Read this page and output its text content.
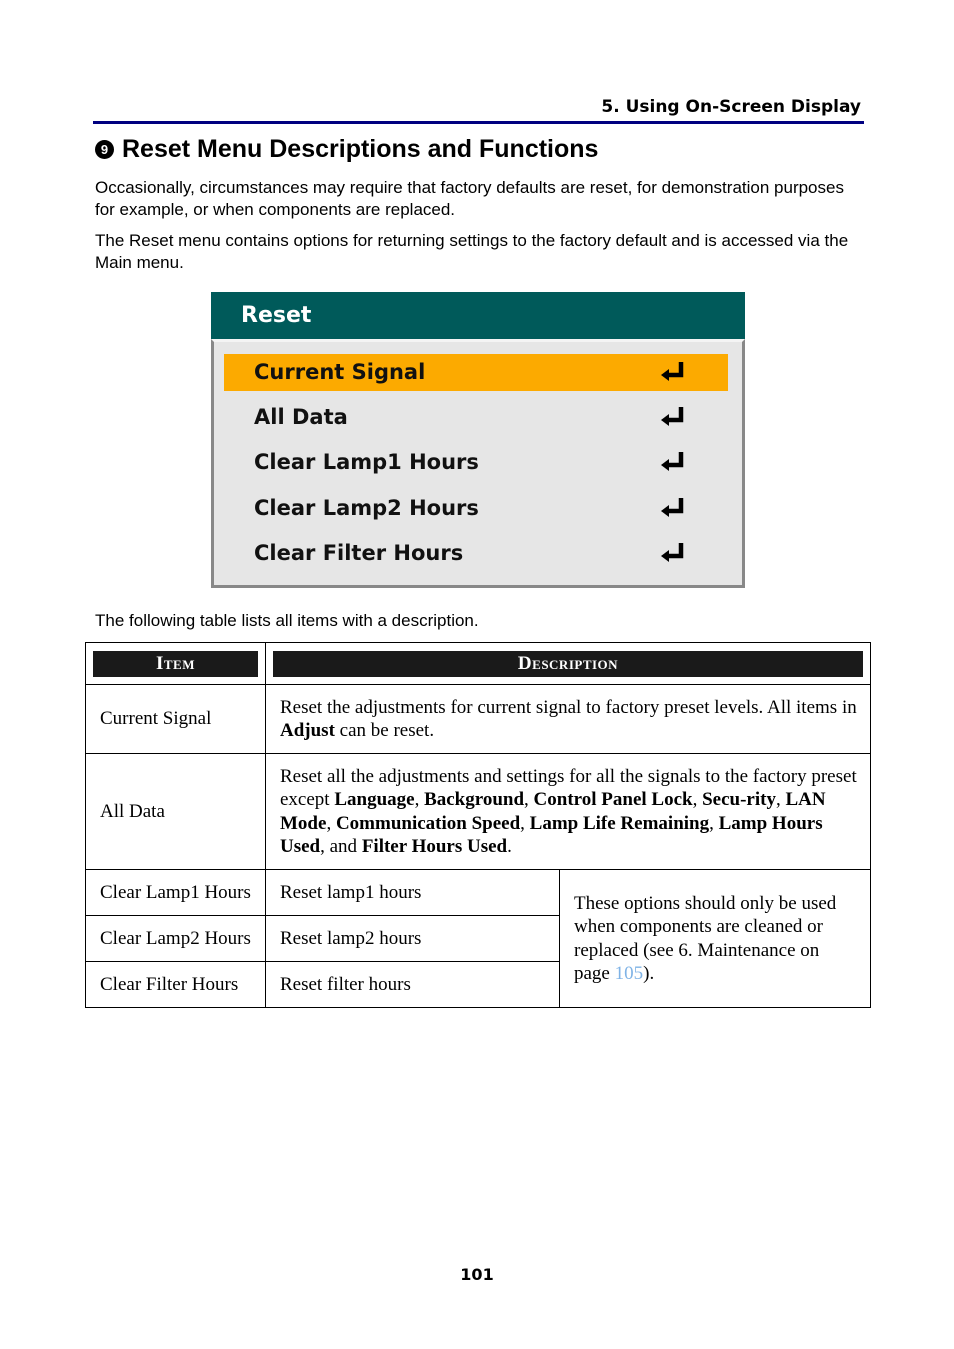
5. Using On-Screen Display
9 Reset Menu Descriptions and Functions
Occasionally, circumstances may require that factory defaults are reset, for demonstration purposes for example, or when components are replaced.
The Reset menu contains options for returning settings to the factory default and is accessed via the Main menu.
Reset
Current Signal
All Data
Clear Lamp1 Hours
Clear Lamp2 Hours
Clear Filter Hours
The following table lists all items with a description.
Item	Description	

Current Signal	Reset the adjustments for current signal to factory preset levels. All items in Adjust can be reset.	
All Data	Reset all the adjustments and settings for all the signals to the factory preset except Language, Background, Control Panel Lock, Secu-rity, LAN Mode, Communication Speed, Lamp Life Remaining, Lamp Hours Used, and Filter Hours Used.	
Clear Lamp1 Hours	Reset lamp1 hours	These options should only be used when components are cleaned or replaced (see 6. Maintenance on page 105).
Clear Lamp2 Hours	Reset lamp2 hours	
Clear Filter Hours	Reset filter hours	
101
